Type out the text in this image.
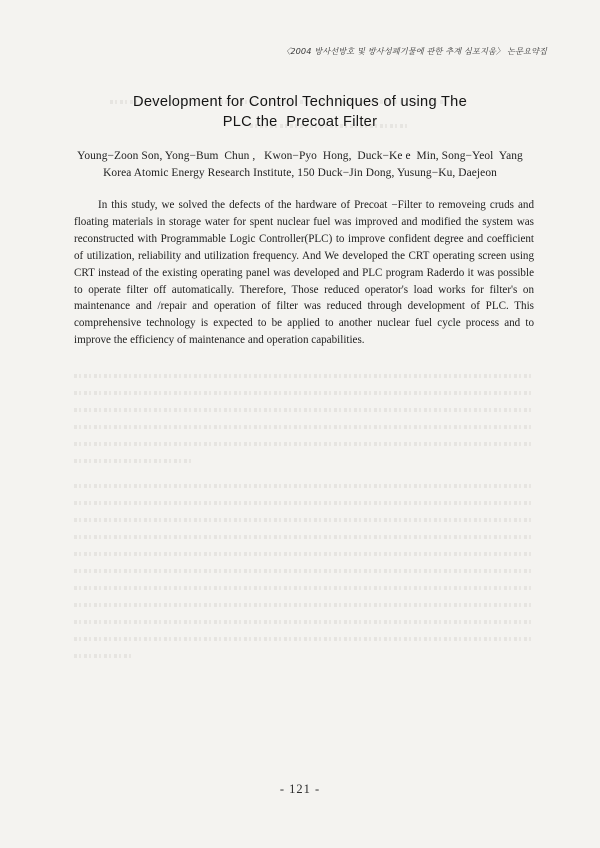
〈2004 방사선방호 및 방사성폐기물에 관한 추계 심포지움〉 논문요약집
Development for Control Techniques of using The
PLC the  Precoat Filter
Young−Zoon Son, Yong−Bum  Chun ,   Kwon−Pyo  Hong,  Duck−Ke e  Min, Song−Yeol  Yang
Korea Atomic Energy Research Institute, 150 Duck−Jin Dong, Yusung−Ku, Daejeon

In this study, we solved the defects of the hardware of Precoat −Filter to removeing cruds and floating materials in storage water for spent nuclear fuel was improved and modified the system was reconstructed with Programmable Logic Controller(PLC) to improve confident degree and coefficient of utilization, reliability and utilization frequency. And We developed the CRT operating screen using CRT instead of the existing operating panel was developed and PLC program Raderdo it was possible to operate filter off automatically. Therefore, Those reduced operator's load works for filter's on maintenance and /repair and operation of filter was reduced through development of PLC. This comprehensive technology is expected to be applied to another nuclear fuel cycle process and to improve the efficiency of maintenance and operation capabilities.

- 121 -
